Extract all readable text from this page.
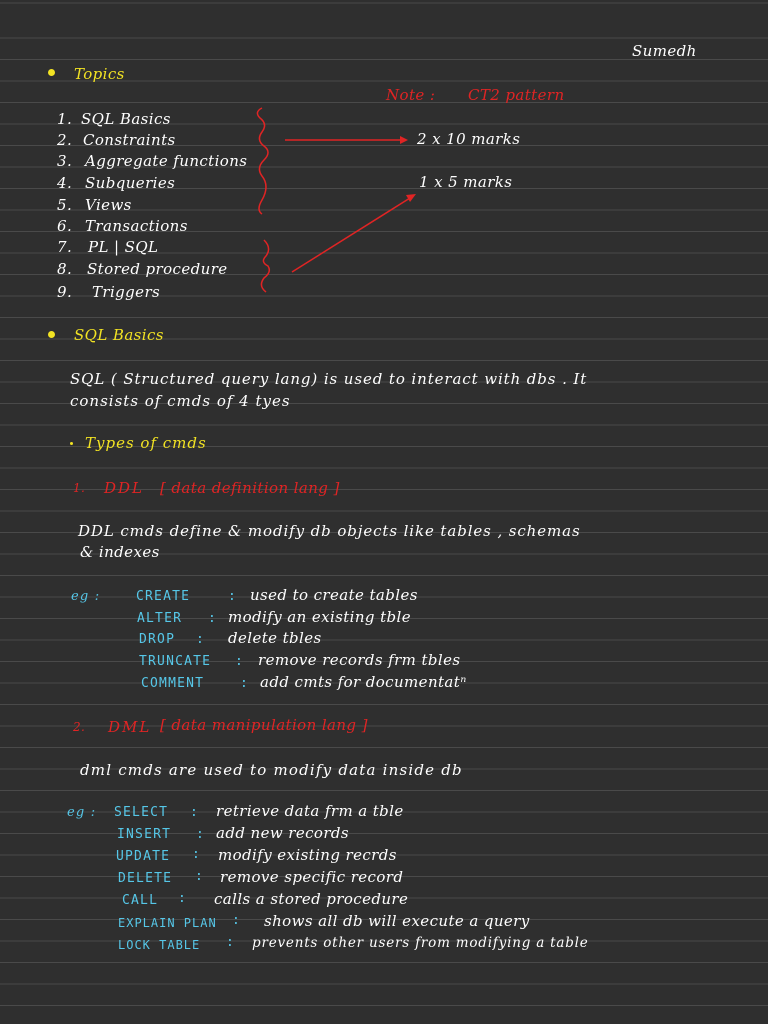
Sumedh
Topics
1. SQL Basics
2. Constraints
3. Aggregate functions
4. Subqueries
5. Views
6. Transactions
7. PL | SQL
8. Stored procedure
9. Triggers
Note : CT2 pattern
2 x 10 marks
1 x 5 marks
SQL Basics
SQL ( Structured query lang) is used to interact with dbs . It
consists of cmds of 4 tyes
Types of cmds
1. DDL [ data definition lang ]
DDL cmds define & modify db objects like tables , schemas
& indexes
eg :	CREATE	: used to create tables
ALTER : modify an existing tble
DROP : delete tbles
TRUNCATE : remove records frm tbles
COMMENT	: add cmts for documentatⁿ
2. DML [ data manipulation lang ]
dml cmds are used to modify data inside db
eg : SELECT : retrieve data frm a tble
INSERT : add new records
UPDATE : modify existing recrds
DELETE : remove specific record
CALL : calls a stored procedure
EXPLAIN PLAN : shows all db will execute a query
LOCK TABLE : prevents other users from modifying a table
